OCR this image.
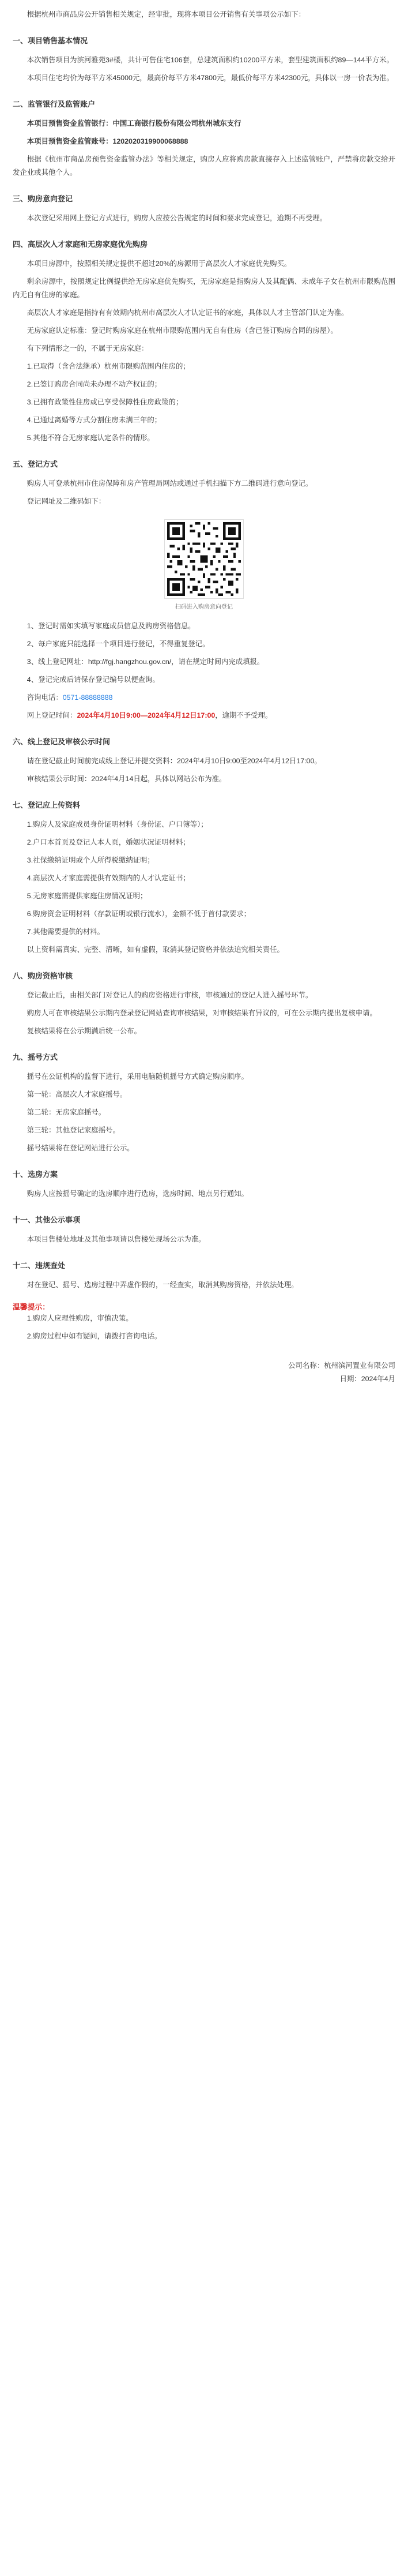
根据杭州市商品房公开销售相关规定，经审批，现将本项目公开销售有关事项公示如下：

一、项目销售基本情况

本次销售项目为滨河雅苑3#楼，共计可售住宅106套，总建筑面积约10200平方米，套型建筑面积约89—144平方米。

本项目住宅均价为每平方米45000元，最高价每平方米47800元，最低价每平方米42300元，具体以一房一价表为准。

二、监管银行及监管账户

本项目预售资金监管银行：中国工商银行股份有限公司杭州城东支行

本项目预售资金监管账号：1202020319900068888

根据《杭州市商品房预售资金监管办法》等相关规定，购房人应将购房款直接存入上述监管账户，严禁将房款交给开发企业或其他个人。

三、购房意向登记

本次登记采用网上登记方式进行，购房人应按公告规定的时间和要求完成登记，逾期不再受理。

四、高层次人才家庭和无房家庭优先购房

本项目房源中，按照相关规定提供不超过20%的房源用于高层次人才家庭优先购买。

剩余房源中，按照规定比例提供给无房家庭优先购买，无房家庭是指购房人及其配偶、未成年子女在杭州市限购范围内无自有住房的家庭。

高层次人才家庭是指持有有效期内杭州市高层次人才认定证书的家庭，具体以人才主管部门认定为准。

无房家庭认定标准：登记时购房家庭在杭州市限购范围内无自有住房（含已签订购房合同的房屋）。

有下列情形之一的，不属于无房家庭：

1.已取得（含合法继承）杭州市限购范围内住房的；

2.已签订购房合同尚未办理不动产权证的；

3.已拥有政策性住房或已享受保障性住房政策的；

4.已通过离婚等方式分割住房未满三年的；

5.其他不符合无房家庭认定条件的情形。

五、登记方式

购房人可登录杭州市住房保障和房产管理局网站或通过手机扫描下方二维码进行意向登记。

登记网址及二维码如下：

扫码进入购房意向登记

1、登记时需如实填写家庭成员信息及购房资格信息。

2、每户家庭只能选择一个项目进行登记，不得重复登记。

3、线上登记网址：http://fgj.hangzhou.gov.cn/，请在规定时间内完成填报。

4、登记完成后请保存登记编号以便查询。

咨询电话：0571-88888888

网上登记时间：2024年4月10日9:00—2024年4月12日17:00，逾期不予受理。

六、线上登记及审核公示时间

请在登记截止时间前完成线上登记并提交资料：2024年4月10日9:00至2024年4月12日17:00。

审核结果公示时间：2024年4月14日起，具体以网站公布为准。

七、登记应上传资料

1.购房人及家庭成员身份证明材料（身份证、户口簿等）；

2.户口本首页及登记人本人页，婚姻状况证明材料；

3.社保缴纳证明或个人所得税缴纳证明；

4.高层次人才家庭需提供有效期内的人才认定证书；

5.无房家庭需提供家庭住房情况证明；

6.购房资金证明材料（存款证明或银行流水），金额不低于首付款要求；

7.其他需要提供的材料。

以上资料需真实、完整、清晰，如有虚假，取消其登记资格并依法追究相关责任。

八、购房资格审核

登记截止后，由相关部门对登记人的购房资格进行审核，审核通过的登记人进入摇号环节。

购房人可在审核结果公示期内登录登记网站查询审核结果，对审核结果有异议的，可在公示期内提出复核申请。

复核结果将在公示期满后统一公布。

九、摇号方式

摇号在公证机构的监督下进行，采用电脑随机摇号方式确定购房顺序。

第一轮：高层次人才家庭摇号。

第二轮：无房家庭摇号。

第三轮：其他登记家庭摇号。

摇号结果将在登记网站进行公示。

十、选房方案

购房人应按摇号确定的选房顺序进行选房，选房时间、地点另行通知。

十一、其他公示事项

本项目售楼处地址及其他事项请以售楼处现场公示为准。

十二、违规查处

对在登记、摇号、选房过程中弄虚作假的，一经查实，取消其购房资格，并依法处理。

温馨提示：

1.购房人应理性购房，审慎决策。

2.购房过程中如有疑问，请拨打咨询电话。

公司名称：杭州滨河置业有限公司
日期：2024年4月
